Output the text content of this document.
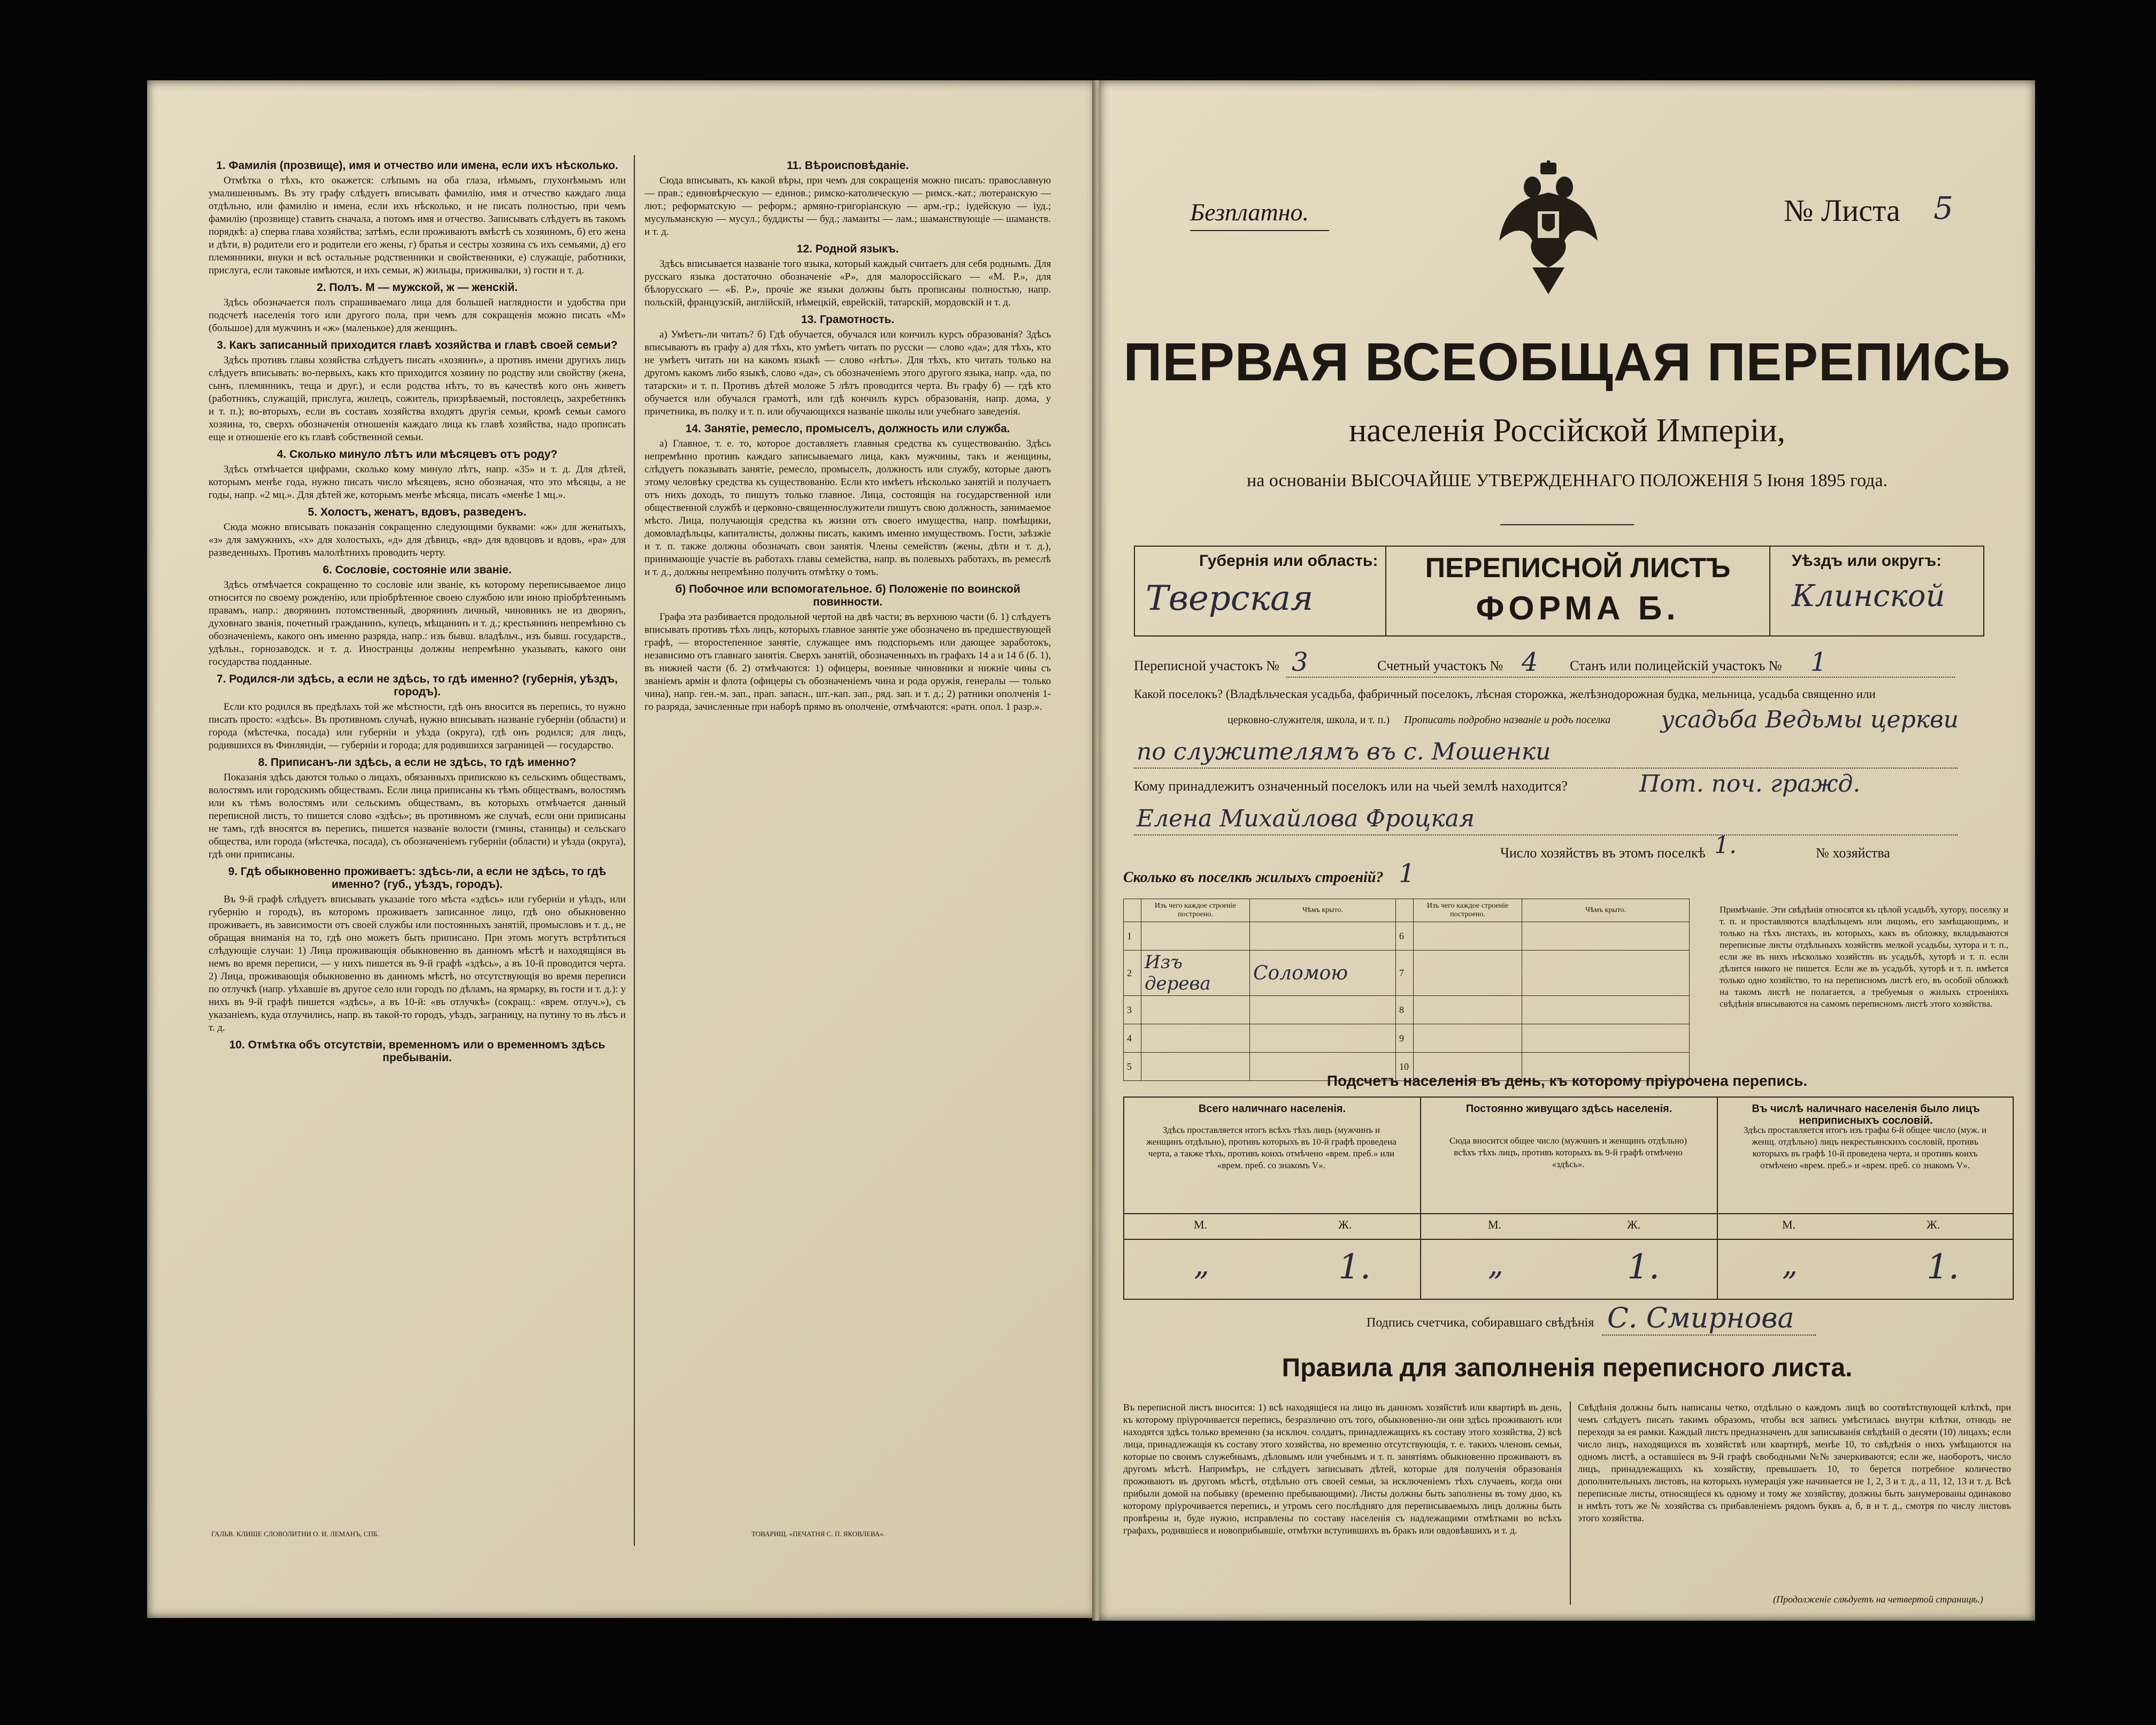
1. Фамилія (прозвище), имя и отчество или имена, если ихъ нѣсколько.

Отмѣтка о тѣхъ, кто окажется: слѣпымъ на оба глаза, нѣмымъ, глухонѣмымъ или умалишеннымъ. Въ эту графу слѣдуетъ вписывать фамилію, имя и отчество каждаго лица отдѣльно, или фамилію и имена, если ихъ нѣсколько, и не писать полностью, при чемъ фамилію (прозвище) ставить сначала, а потомъ имя и отчество. Записывать слѣдуетъ въ такомъ порядкѣ: а) сперва глава хозяйства; затѣмъ, если проживаютъ вмѣстѣ съ хозяиномъ, б) его жена и дѣти, в) родители его и родители его жены, г) братья и сестры хозяина съ ихъ семьями, д) его племянники, внуки и всѣ остальные родственники и свойственники, е) служащіе, работники, прислуга, если таковые имѣются, и ихъ семьи, ж) жильцы, приживалки, з) гости и т. д.

2. Полъ. М — мужской, ж — женскій.

Здѣсь обозначается полъ спрашиваемаго лица для большей наглядности и удобства при подсчетѣ населенія того или другого пола, при чемъ для сокращенія можно писать «М» (большое) для мужчинъ и «ж» (маленькое) для женщинъ.

3. Какъ записанный приходится главѣ хозяйства и главѣ своей семьи?

Здѣсь противъ главы хозяйства слѣдуетъ писать «хозяинъ», а противъ имени другихъ лицъ слѣдуетъ вписывать: во-первыхъ, какъ кто приходится хозяину по родству или свойству (жена, сынъ, племянникъ, теща и друг.), и если родства нѣтъ, то въ качествѣ кого онъ живетъ (работникъ, служащій, прислуга, жилецъ, сожитель, призрѣваемый, постоялецъ, захребетникъ и т. п.); во-вторыхъ, если въ составъ хозяйства входятъ другія семьи, кромѣ семьи самого хозяина, то, сверхъ обозначенія отношенія каждаго лица къ главѣ хозяйства, надо прописать еще и отношеніе его къ главѣ собственной семьи.

4. Сколько минуло лѣтъ или мѣсяцевъ отъ роду?

Здѣсь отмѣчается цифрами, сколько кому минуло лѣтъ, напр. «35» и т. д. Для дѣтей, которымъ менѣе года, нужно писать число мѣсяцевъ, ясно обозначая, что это мѣсяцы, а не годы, напр. «2 мц.». Для дѣтей же, которымъ менѣе мѣсяца, писать «менѣе 1 мц.».

5. Холостъ, женатъ, вдовъ, разведенъ.

Сюда можно вписывать показанія сокращенно следующими буквами: «ж» для женатыхъ, «з» для замужнихъ, «х» для холостыхъ, «д» для дѣвицъ, «вд» для вдовцовъ и вдовъ, «ра» для разведенныхъ. Противъ малолѣтнихъ проводить черту.

6. Сословіе, состояніе или званіе.

Здѣсь отмѣчается сокращенно то сословіе или званіе, къ которому переписываемое лицо относится по своему рожденію, или пріобрѣтенное своею службою или иною пріобрѣтеннымъ правамъ, напр.: дворянинъ потомственный, дворянинъ личный, чиновникъ не из дворянъ, духовнаго званія, почетный гражданинъ, купецъ, мѣщанинъ и т. д.; крестьянинъ непремѣнно съ обозначеніемъ, какого онъ именно разряда, напр.: изъ бывш. владѣльч., изъ бывш. государств., удѣльн., горнозаводск. и т. д. Иностранцы должны непремѣнно указывать, какого они государства подданные.

7. Родился-ли здѣсь, а если не здѣсь, то гдѣ именно? (губернія, уѣздъ, городъ).

Если кто родился въ предѣлахъ той же мѣстности, гдѣ онъ вносится въ перепись, то нужно писать просто: «здѣсь». Въ противномъ случаѣ, нужно вписывать названіе губерніи (области) и города (мѣстечка, посада) или губерніи и уѣзда (округа), гдѣ онъ родился; для лицъ, родившихся въ Финляндіи, — губерніи и города; для родившихся заграницей — государство.

8. Приписанъ-ли здѣсь, а если не здѣсь, то гдѣ именно?

Показанія здѣсь даются только о лицахъ, обязанныхъ припискою къ сельскимъ обществамъ, волостямъ или городскимъ обществамъ. Если лица приписаны къ тѣмъ обществамъ, волостямъ или къ тѣмъ волостямъ или сельскимъ обществамъ, въ которыхъ отмѣчается данный переписной листъ, то пишется слово «здѣсь»; въ противномъ же случаѣ, если они приписаны не тамъ, гдѣ вносятся въ перепись, пишется названіе волости (гмины, станицы) и сельскаго общества, или города (мѣстечка, посада), съ обозначеніемъ губерніи (области) и уѣзда (округа), гдѣ они приписаны.

9. Гдѣ обыкновенно проживаетъ: здѣсь-ли, а если не здѣсь, то гдѣ именно? (губ., уѣздъ, городъ).

Въ 9-й графѣ слѣдуетъ вписывать указаніе того мѣста «здѣсь» или губерніи и уѣздъ, или губернію и городъ), въ которомъ проживаетъ записанное лицо, гдѣ оно обыкновенно проживаетъ, въ зависимости отъ своей службы или постоянныхъ занятій, промысловъ и т. д., не обращая вниманія на то, гдѣ оно можетъ быть приписано. При этомъ могутъ встрѣтиться слѣдующіе случаи: 1) Лица проживающія обыкновенно въ данномъ мѣстѣ и находящіяся въ немъ во время переписи, — у нихъ пишется въ 9-й графѣ «здѣсь», а въ 10-й проводится черта. 2) Лица, проживающія обыкновенно въ данномъ мѣстѣ, но отсутствующія во время переписи по отлучкѣ (напр. уѣхавшіе въ другое село или городъ по дѣламъ, на ярмарку, въ гости и т. д.): у нихъ въ 9-й графѣ пишется «здѣсь», а въ 10-й: «въ отлучкѣ» (сокращ.: «врем. отлуч.»), съ указаніемъ, куда отлучились, напр. въ такой-то городъ, уѣздъ, заграницу, на путину то въ лѣсъ и т. д.

10. Отмѣтка объ отсутствіи, временномъ или о временномъ здѣсь пребываніи.
11. Вѣроисповѣданіе.

Сюда вписывать, къ какой вѣры, при чемъ для сокращенія можно писать: православную — прав.; единовѣрческую — единов.; римско-католическую — римск.-кат.; лютеранскую — лют.; реформатскую — реформ.; армяно-григоріанскую — арм.-гр.; іудейскую — іуд.; мусульманскую — мусул.; буддисты — буд.; ламаиты — лам.; шаманствующіе — шаманств. и т. д.

12. Родной языкъ.

Здѣсь вписывается названіе того языка, который каждый считаетъ для себя роднымъ. Для русскаго языка достаточно обозначеніе «Р», для малороссійскаго — «М. Р.», для бѣлорусскаго — «Б. Р.», прочіе же языки должны быть прописаны полностью, напр. польскій, французскій, англійскій, нѣмецкій, еврейскій, татарскій, мордовскій и т. д.

13. Грамотность.

а) Умѣетъ-ли читать? б) Гдѣ обучается, обучался или кончилъ курсъ образованія? Здѣсь вписываютъ въ графу а) для тѣхъ, кто умѣетъ читать по русски — слово «да»; для тѣхъ, кто не умѣетъ читать ни на какомъ языкѣ — слово «нѣтъ». Для тѣхъ, кто читать только на другомъ какомъ либо языкѣ, слово «да», съ обозначеніемъ этого другого языка, напр. «да, по татарски» и т. п. Противъ дѣтей моложе 5 лѣтъ проводится черта. Въ графу б) — гдѣ кто обучается или обучался грамотѣ, или гдѣ кончилъ курсъ образованія, напр. дома, у причетника, въ полку и т. п. или обучающихся названіе школы или учебнаго заведенія.

14. Занятіе, ремесло, промыселъ, должность или служба.

а) Главное, т. е. то, которое доставляетъ главныя средства къ существованію. Здѣсь непремѣнно противъ каждаго записываемаго лица, какъ мужчины, такъ и женщины, слѣдуетъ показывать занятіе, ремесло, промыселъ, должность или службу, которые даютъ этому человѣку средства къ существованію. Если кто имѣетъ нѣсколько занятій и получаетъ отъ нихъ доходъ, то пишутъ только главное. Лица, состоящія на государственной или общественной службѣ и церковно-священнослужители пишутъ свою должность, занимаемое мѣсто. Лица, получающія средства къ жизни отъ своего имущества, напр. помѣщики, домовладѣльцы, капиталисты, должны писать, какимъ именно имуществомъ. Гости, заѣзжіе и т. п. также должны обозначать свои занятія. Члены семействъ (жены, дѣти и т. д.), принимающіе участіе въ работахъ главы семейства, напр. въ полевыхъ работахъ, въ ремеслѣ и т. д., должны непремѣнно получить отмѣтку о томъ.

б) Побочное или вспомогательное. б) Положеніе по воинской повинности.

Графа эта разбивается продольной чертой на двѣ части; въ верхнюю части (б. 1) слѣдуетъ вписывать противъ тѣхъ лицъ, которыхъ главное занятіе уже обозначено въ предшествующей графѣ, — второстепенное занятіе, служащее имъ подспорьемъ или дающее заработокъ, независимо отъ главнаго занятія. Сверхъ занятій, обозначенныхъ въ графахъ 14 а и 14 б (б. 1), въ нижней части (б. 2) отмѣчаются: 1) офицеры, военные чиновники и нижніе чины съ званіемъ армін и флота (офицеры съ обозначеніемъ чина и рода оружія, генералы — только чина), напр. ген.-м. зап., прап. запасн., шт.-кап. зап., ряд. зап. и т. д.; 2) ратники ополченія 1-го разряда, зачисленные при наборѣ прямо въ ополченіе, отмѣчаются: «ратн. опол. 1 разр.».

ГАЛЬВ. КЛИШЕ СЛОВОЛИТНИ О. И. ЛЕМАНЪ, СПБ.	ТОВАРИЩ. «ПЕЧАТНЯ С. П. ЯКОВЛЕВА».
Безплатно.	№ Листа 5
ПЕРВАЯ ВСЕОБЩАЯ ПЕРЕПИСЬ
населенія Россійской Имперіи,
на основаніи ВЫСОЧАЙШЕ УТВЕРЖДЕННАГО ПОЛОЖЕНІЯ 5 Іюня 1895 года.
Губернія или область:
Тверская
ПЕРЕПИСНОЙ ЛИСТЪ
ФОРМА Б.
Уѣздъ или округъ:
Клинской
Переписной участокъ № 3	Счетный участокъ № 4 Станъ или полицейскій участокъ № 1
Какой поселокъ? (Владѣльческая усадьба, фабричный поселокъ, лѣсная сторожка, желѣзнодорожная будка, мельница, усадьба священно или
церковно-служителя, школа, и т. п.) Прописать подробно названіе и родъ поселка усадьба Ведьмы церкви
по служителямъ въ с. Мошенки
Кому принадлежитъ означенный поселокъ или на чьей землѣ находится?	Пот. поч. гражд.
Елена Михайлова Фроцкая
Число хозяйствъ въ этомъ поселкѣ 1.	№ хозяйства
Сколько въ поселкѣ жилыхъ строеній? 1
	Изъ чего каждое строеніе построено.	Чѣмъ крыто.		Изъ чего каждое строеніе построено.	Чѣмъ крыто.
1			6		
2	Изъ дерева	Соломою	7		
3			8		
4			9		
5			10		
Примѣчаніе. Эти свѣдѣнія относятся къ цѣлой усадьбѣ, хутору, поселку и т. п. и проставляются владѣльцемъ или лицомъ, его замѣщающимъ, и только на тѣхъ листахъ, въ которыхъ, какъ въ обложку, вкладываются переписные листы отдѣльныхъ хозяйствъ мелкой усадьбы, хутора и т. п., если же въ нихъ нѣсколько хозяйствъ въ усадьбѣ, хуторѣ и т. п. если дѣлится никого не пишется. Если же въ усадьбѣ, хуторѣ и т. п. имѣется только одно хозяйство, то на переписномъ листѣ его, въ особой обложкѣ на такомъ листѣ не полагается, а требуемыя о жилыхъ строеніяхъ свѣдѣнія вписываются на самомъ переписномъ листѣ этого хозяйства.
Подсчетъ населенія въ день, къ которому пріурочена перепись.
Всего наличнаго населенія.
Здѣсь проставляется итогъ всѣхъ тѣхъ лицъ (мужчинъ и женщинъ отдѣльно), противъ которыхъ въ 10-й графѣ проведена черта, а также тѣхъ, противъ коихъ отмѣчено «врем. преб.» или «врем. преб. со знакомъ V».
Постоянно живущаго здѣсь населенія.
Сюда вносится общее число (мужчинъ и женщинъ отдѣльно) всѣхъ тѣхъ лицъ, противъ которыхъ въ 9-й графѣ отмѣчено «здѣсь».
Въ числѣ наличнаго населенія было лицъ неприписныхъ сословій.
Здѣсь проставляется итогъ изъ графы 6-й общее число (муж. и женщ. отдѣльно) лицъ некрестьянскихъ сословій, противъ которыхъ въ графѣ 10-й проведена черта, и противъ коихъ отмѣчено «врем. преб.» и «врем. преб. со знакомъ V».
М.	Ж.	М.	Ж.	М.	Ж.
„	1.	„	1.	„	1.
Подпись счетчика, собиравшаго свѣдѣнія С. Смирнова
Правила для заполненія переписного листа.
Въ переписной листъ вносится: 1) всѣ находящіеся на лицо въ данномъ хозяйствѣ или квартирѣ въ день, къ которому пріурочивается перепись, безразлично отъ того, обыкновенно-ли они здѣсь проживаютъ или находятся здѣсь только временно (за исключ. солдатъ, принадлежащихъ къ составу этого хозяйства, 2) всѣ лица, принадлежащія къ составу этого хозяйства, но временно отсутствующія, т. е. такихъ членовъ семьи, которые по своимъ служебнымъ, дѣловымъ или учебнымъ и т. п. занятіямъ обыкновенно проживаютъ въ другомъ мѣстѣ. Напримѣръ, не слѣдуетъ записывать дѣтей, которые для полученія образованія проживаютъ въ другомъ мѣстѣ, отдѣльно отъ своей семьи, за исключеніемъ тѣхъ случаевъ, когда они прибыли домой на побывку (временно пребывающими). Листы должны быть заполнены въ тому дню, къ которому пріурочивается перепись, и утромъ сего послѣдняго для переписываемыхъ лицъ должны быть провѣрены и, буде нужно, исправлены по составу населенія съ надлежащими отмѣтками во всѣхъ графахъ, родившіеся и новоприбывшіе, отмѣтки вступившихъ въ бракъ или овдовѣвшихъ и т. д.
Свѣдѣнія должны быть написаны четко, отдѣльно о каждомъ лицѣ во соотвѣтствующей клѣткѣ, при чемъ слѣдуетъ писать такимъ образомъ, чтобы вся запись умѣстилась внутри клѣтки, отнюдь не переходя за ея рамки. Каждый листъ предназначенъ для записыванія свѣдѣній о десяти (10) лицахъ; если число лицъ, находящихся въ хозяйствѣ или квартирѣ, менѣе 10, то свѣдѣнія о нихъ умѣщаются на одномъ листѣ, а оставшіеся въ 9-й графѣ свободными №№ зачеркиваются; если же, наоборотъ, число лицъ, принадлежащихъ къ хозяйству, превышаетъ 10, то берется потребное количество дополнительныхъ листовъ, на которыхъ нумерація уже начинается не 1, 2, 3 и т. д., а 11, 12, 13 и т. д. Всѣ переписные листы, относящіеся къ одному и тому же хозяйству, должны быть занумерованы одинаково и имѣть тотъ же № хозяйства съ прибавленіемъ рядомъ буквъ а, б, в и т. д., смотря по числу листовъ этого хозяйства.
(Продолженіе слѣдуетъ на четвертой страницѣ.)
